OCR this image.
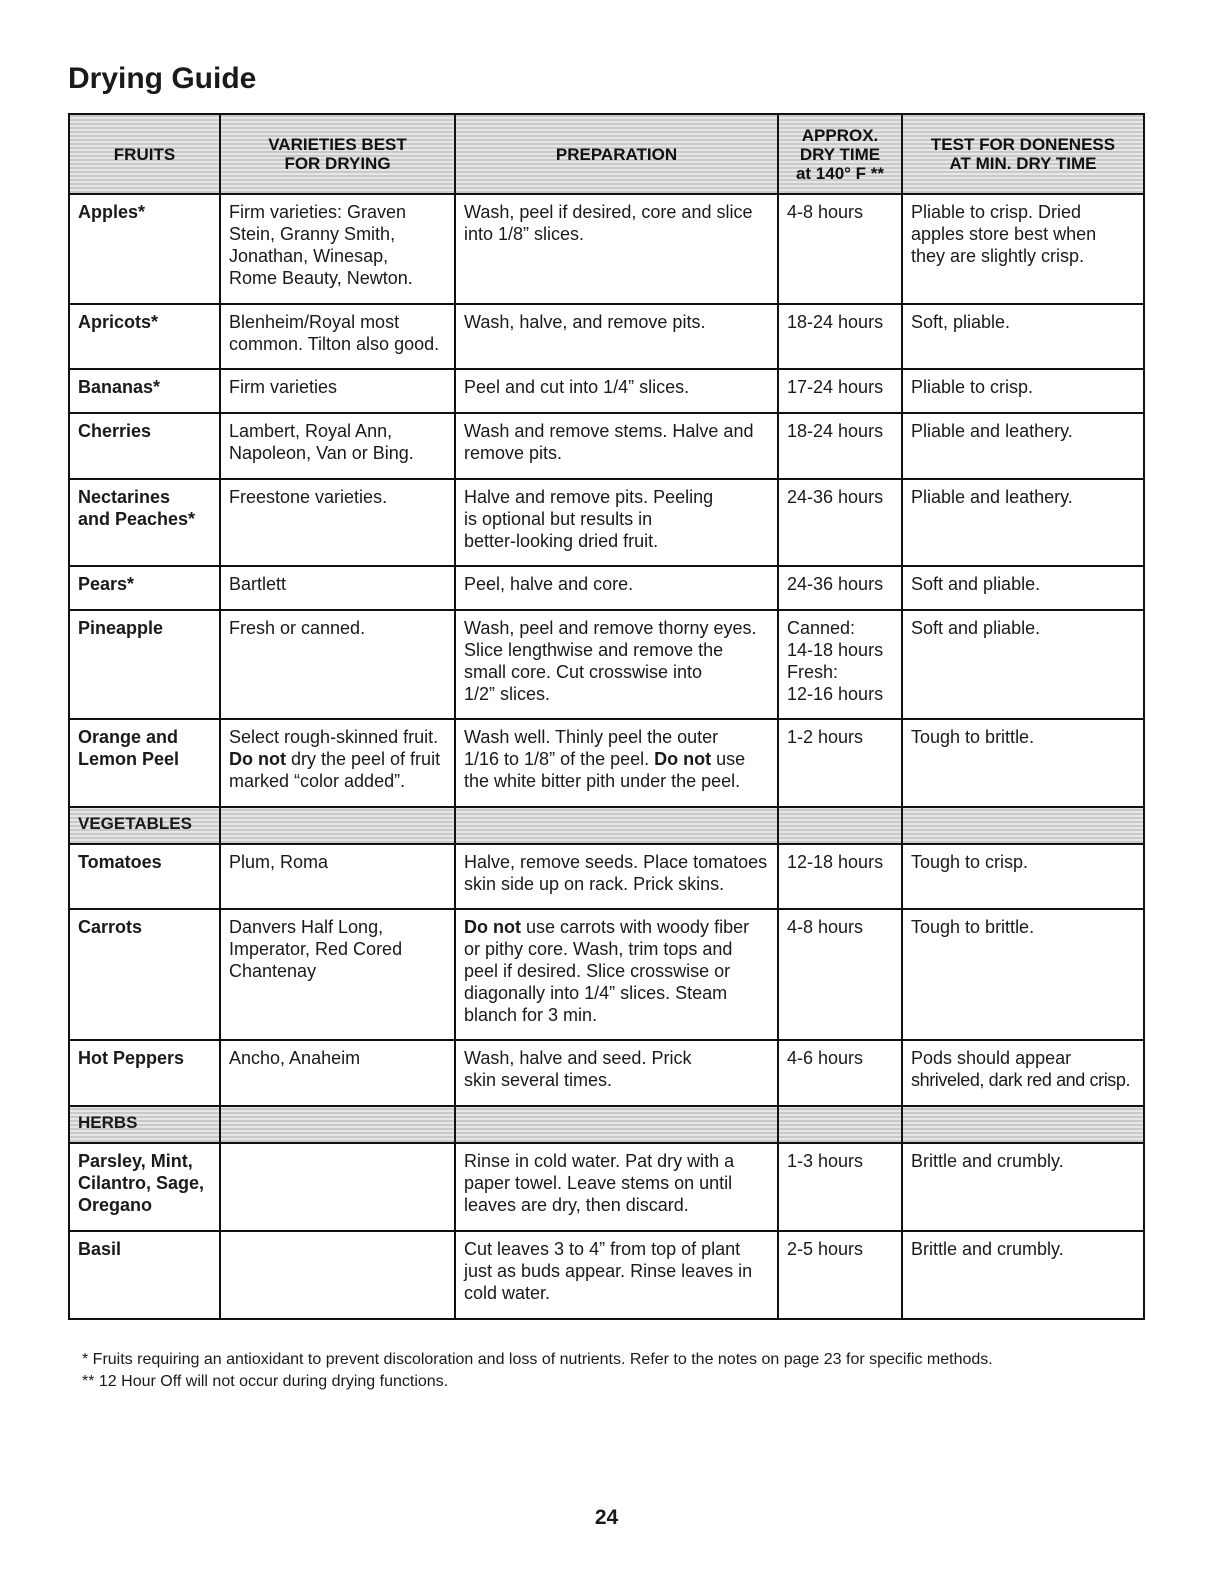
Drying Guide
FRUITS	VARIETIES BEST
FOR DRYING	PREPARATION	APPROX.
DRY TIME
at 140° F **	TEST FOR DONENESS
AT MIN. DRY TIME

Apples*	Firm varieties: Graven
Stein, Granny Smith,
Jonathan, Winesap,
Rome Beauty, Newton.	Wash, peel if desired, core and slice
into 1/8” slices.	4-8 hours	Pliable to crisp. Dried
apples store best when
they are slightly crisp.

Apricots*	Blenheim/Royal most
common. Tilton also good.	Wash, halve, and remove pits.	18-24 hours	Soft, pliable.

Bananas*	Firm varieties	Peel and cut into 1/4” slices.	17-24 hours	Pliable to crisp.

Cherries	Lambert, Royal Ann,
Napoleon, Van or Bing.	Wash and remove stems. Halve and
remove pits.	18-24 hours	Pliable and leathery.

Nectarines
and Peaches*	Freestone varieties.	Halve and remove pits. Peeling
is optional but results in
better-looking dried fruit.	24-36 hours	Pliable and leathery.

Pears*	Bartlett	Peel, halve and core.	24-36 hours	Soft and pliable.

Pineapple	Fresh or canned.	Wash, peel and remove thorny eyes.
Slice lengthwise and remove the
small core. Cut crosswise into
1/2” slices.	Canned:
14-18 hours
Fresh:
12-16 hours	Soft and pliable.

Orange and
Lemon Peel	Select rough-skinned fruit.
Do not dry the peel of fruit
marked “color added”.	Wash well. Thinly peel the outer
1/16 to 1/8” of the peel. Do not use
the white bitter pith under the peel.	1-2 hours	Tough to brittle.

VEGETABLES				

Tomatoes	Plum, Roma	Halve, remove seeds. Place tomatoes
skin side up on rack. Prick skins.	12-18 hours	Tough to crisp.

Carrots	Danvers Half Long,
Imperator, Red Cored
Chantenay	Do not use carrots with woody fiber
or pithy core. Wash, trim tops and
peel if desired. Slice crosswise or
diagonally into 1/4” slices. Steam
blanch for 3 min.	4-8 hours	Tough to brittle.

Hot Peppers	Ancho, Anaheim	Wash, halve and seed. Prick
skin several times.	4-6 hours	Pods should appear
shriveled, dark red and crisp.

HERBS				

Parsley, Mint,
Cilantro, Sage,
Oregano		Rinse in cold water. Pat dry with a
paper towel. Leave stems on until
leaves are dry, then discard.	1-3 hours	Brittle and crumbly.

Basil		Cut leaves 3 to 4” from top of plant
just as buds appear. Rinse leaves in
cold water.	2-5 hours	Brittle and crumbly.
* Fruits requiring an antioxidant to prevent discoloration and loss of nutrients. Refer to the notes on page 23 for specific methods.
** 12 Hour Off will not occur during drying functions.
24
